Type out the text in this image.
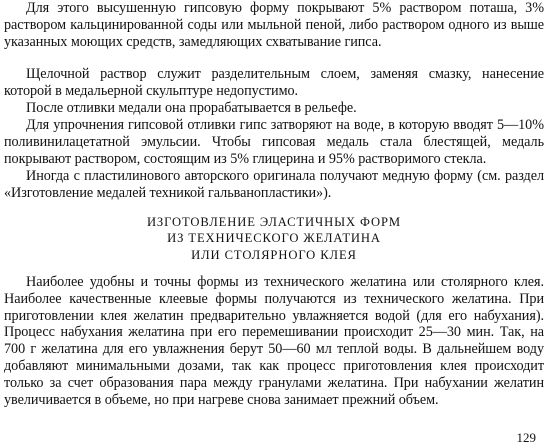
Для этого высушенную гипсовую форму покрывают 5% раствором поташа, 3% раствором кальцинированной соды или мыльной пеной, либо раствором одного из выше указанных моющих средств, замедляющих схватывание гипса.

Щелочной раствор служит разделительным слоем, заменяя смазку, нанесение которой в медальерной скульптуре недопустимо.

После отливки медали она прорабатывается в рельефе.

Для упрочнения гипсовой отливки гипс затворяют на воде, в которую вводят 5—10% поливинилацетатной эмульсии. Чтобы гипсовая медаль стала блестящей, медаль покрывают раствором, состоящим из 5% глицерина и 95% растворимого стекла.

Иногда с пластилинового авторского оригинала получают медную форму (см. раздел «Изготовление медалей техникой гальванопластики»).

ИЗГОТОВЛЕНИЕ ЭЛАСТИЧНЫХ ФОРМ
ИЗ ТЕХНИЧЕСКОГО ЖЕЛАТИНА
ИЛИ СТОЛЯРНОГО КЛЕЯ

Наиболее удобны и точны формы из технического желатина или столярного клея. Наиболее качественные клеевые формы получаются из технического желатина. При приготовлении клея желатин предварительно увлажняется водой (для его набухания). Процесс набухания желатина при его перемешивании происходит 25—30 мин. Так, на 700 г желатина для его увлажнения берут 50—60 мл теплой воды. В дальнейшем воду добавляют минимальными дозами, так как процесс приготовления клея происходит только за счет образования пара между гранулами желатина. При набухании желатин увеличивается в объеме, но при нагреве снова занимает прежний объем.

129
